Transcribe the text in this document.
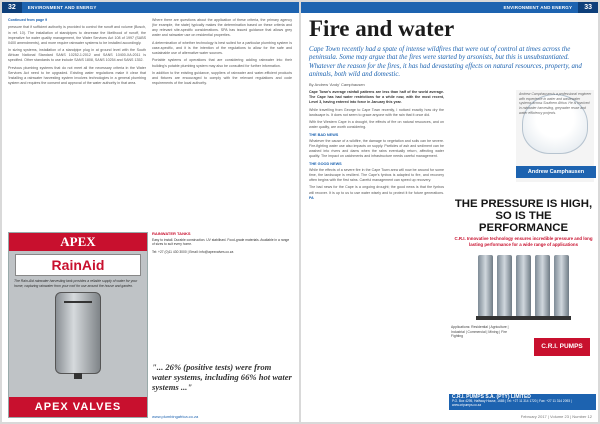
32	ENVIRONMENT AND ENERGY

Continued from page 9

pressure that if sufficient authority is provided to control the runoff and volume (Bosch, in ref. 10). The installation of standpipes to decrease the likelihood of runoff, the imperative for water quality management, the Water Services Act 108 of 1997 (SABS 0400 amendments), and more require rainwater systems to be installed accordingly.

In sizing systems, installation of a standpipe plug in at ground level with the South African National Standard SANS 10252-1:2012 and SANS 10400-XA:2011 is specified. Other standards to use include SANS 1808, SANS 10254 and SANS 1352.

Previous plumbing systems that do not meet all the necessary criteria in the Water Services Act need to be upgraded. Existing water regulations make it clear that 'installing a rainwater harvesting system involves technologies in a general plumbing system and requires the consent and approval of the water authority in that area.

Where there are questions about the application of these criteria, the primary agency (for example, the state) typically makes the determination based on these criteria and any relevant site-specific considerations. SPA has issued guidance that allows grey water and rainwater use on residential properties.

A determination of whether technology is best suited for a particular plumbing system is case-specific, and it is the intention of the regulations to allow for the safe and sustainable use of alternative water sources.

Portable systems of operations that are considering adding rainwater into their building's potable plumbing system may also be consulted for further information.

In addition to the existing guidance, suppliers of rainwater and water-efficient products and fixtures are encouraged to comply with the relevant regulations and code requirements of the local authority.

APEX
RainAid
The Rain-Aid rainwater harvesting tank provides a reliable supply of water for your home, capturing rainwater from your roof for use around the house and garden.
APEX VALVES
RAINWATER TANKS
Easy to install. Durable construction. UV stabilised. Food-grade materials. Available in a range of sizes to suit every home.
Tel: +27 (0)11 430 3000 | Email: info@apexvalves.co.za
"... 26% (positive tests) were from water systems, including 66% hot water systems ..."
www.plumbingafrica.co.za
ENVIRONMENT AND ENERGY	33
Fire and water
Cape Town recently had a spate of intense wildfires that were out of control at times across the peninsula. Some may argue that the fires were started by arsonists, but this is unsubstantiated. Whatever the reason for the fires, it has had devastating effects on natural resources, property, and animals, both wild and domestic.
By Andrew 'Andy' Camphausen

Cape Town's average rainfall patterns are less than half of the world average. The Cape has had water restrictions for a while now, with the most recent, Level 3, having entered into force in January this year.

While travelling from George to Cape Town recently, I noticed exactly how dry the landscape is. It does not seem to grace anyone with the rain that it once did.

With the Western Cape in a drought, the effects of fire on natural resources, and on water quality, are worth considering.

THE BAD NEWS

Whatever the cause of a wildfire, the damage to vegetation and soils can be severe. Fire-fighting water use also impacts on supply. Particles of ash and sediment can be washed into rivers and dams when the rains eventually return, affecting water quality. The impact on catchments and infrastructure needs careful management.

THE GOOD NEWS

While the effects of a severe fire in the Cape Town area will now be around for some time, the landscape is resilient. The Cape's fynbos is adapted to fire, and recovery often begins with the first rains. Careful management can speed up recovery.

The bad news for the Cape is a ongoing drought; the good news is that the fynbos will recover. It is up to us to use water wisely and to protect it for future generations. PA

Andrew Camphausen is a professional engineer with experience in water and wastewater systems across Southern Africa. He is involved in rainwater harvesting, greywater reuse and water efficiency projects.
Andrew Camphausen
THE PRESSURE IS HIGH, SO IS THE PERFORMANCE
C.R.I. Innovative technology ensures incredible pressure and long lasting performance for a wide range of applications
Applications: Residential | Agriculture | Industrial | Commercial | Mining | Fire Fighting
C.R.I. PUMPS
C.R.I. PUMPS S.A. (PTY) LIMITED
P.O. Box 4295, Halfway House, 1685 | Tel: +27 11 314 1720 | Fax: +27 11 314 2093 | www.cripumps.co.za
February 2017 | Volume 23 | Number 12
